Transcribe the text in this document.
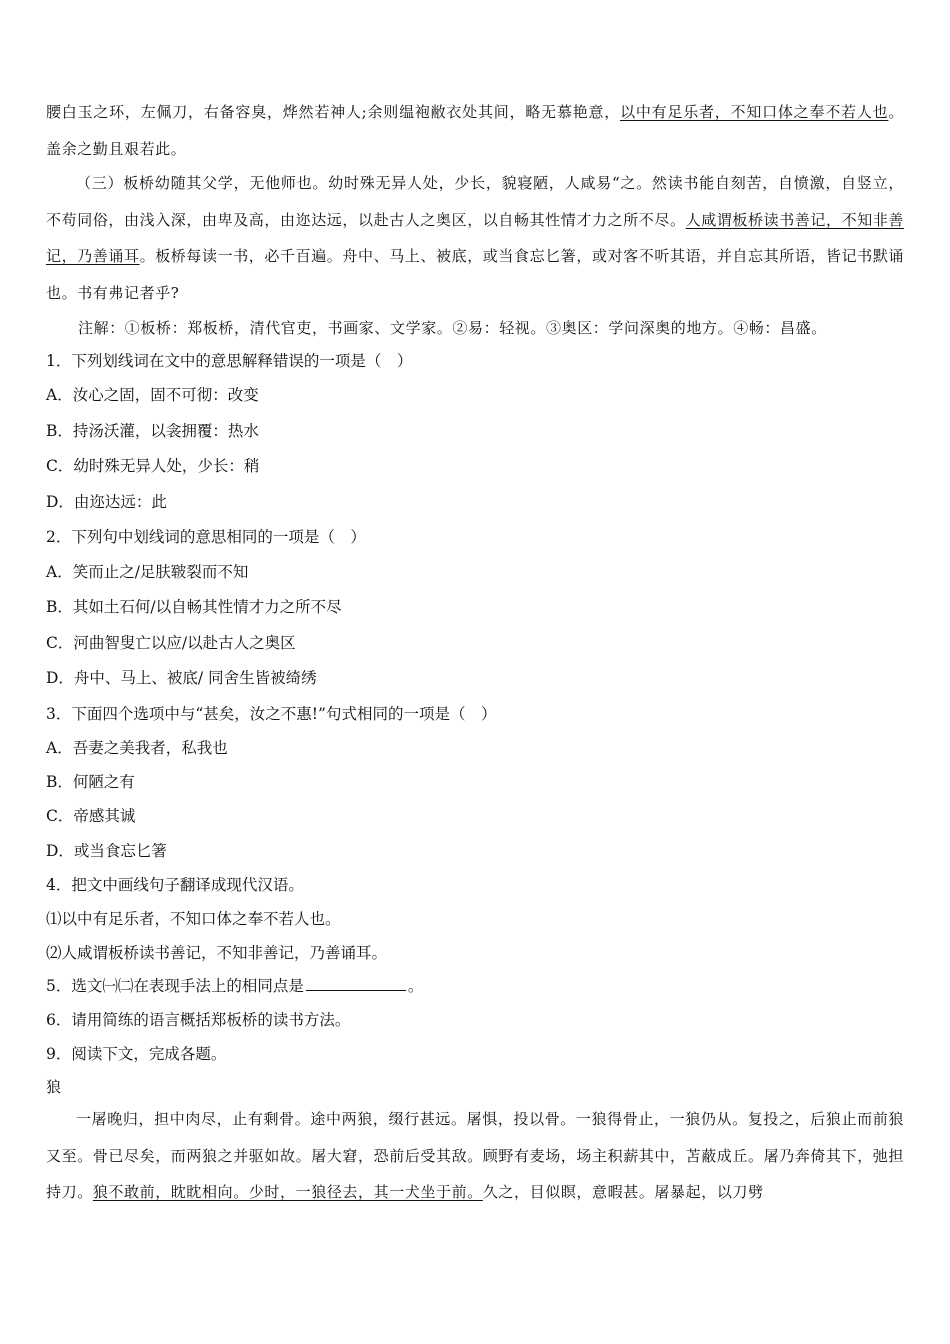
腰白玉之环，左佩刀，右备容臭，烨然若神人;余则缊袍敝衣处其间，略无慕艳意，以中有足乐者，不知口体之奉不若人也。盖余之勤且艰若此。

（三）板桥幼随其父学，无他师也。幼时殊无异人处，少长，貌寝陋，人咸易“之。然读书能自刻苦，自愤激，自竖立，不苟同俗，由浅入深，由卑及高，由迩达远，以赴古人之奥区，以自畅其性情才力之所不尽。人咸谓板桥读书善记，不知非善记，乃善诵耳。板桥每读一书，必千百遍。舟中、马上、被底，或当食忘匕箸，或对客不听其语，并自忘其所语，皆记书默诵也。书有弗记者乎?

注解：①板桥：郑板桥，清代官吏，书画家、文学家。②易：轻视。③奥区：学问深奥的地方。④畅：昌盛。

1．下列划线词在文中的意思解释错误的一项是（　）

A．汝心之固，固不可彻：改变

B．持汤沃灌，以衾拥覆：热水

C．幼时殊无异人处，少长：稍

D．由迩达远：此

2．下列句中划线词的意思相同的一项是（　）

A．笑而止之/足肤皲裂而不知

B．其如土石何/以自畅其性情才力之所不尽

C．河曲智叟亡以应/以赴古人之奥区

D．舟中、马上、被底/ 同舍生皆被绮绣

3．下面四个选项中与“甚矣，汝之不惠!”句式相同的一项是（　）

A．吾妻之美我者，私我也

B．何陋之有

C．帝感其诚

D．或当食忘匕箸

4．把文中画线句子翻译成现代汉语。

⑴以中有足乐者，不知口体之奉不若人也。

⑵人咸谓板桥读书善记，不知非善记，乃善诵耳。

5．选文㈠㈡在表现手法上的相同点是	。

6．请用简练的语言概括郑板桥的读书方法。

9．阅读下文，完成各题。

狼

一屠晚归，担中肉尽，止有剩骨。途中两狼，缀行甚远。屠惧，投以骨。一狼得骨止，一狼仍从。复投之，后狼止而前狼又至。骨已尽矣，而两狼之并驱如故。屠大窘，恐前后受其敌。顾野有麦场，场主积薪其中，苫蔽成丘。屠乃奔倚其下，弛担持刀。狼不敢前，眈眈相向。少时，一狼径去，其一犬坐于前。久之，目似瞑，意暇甚。屠暴起，以刀劈
